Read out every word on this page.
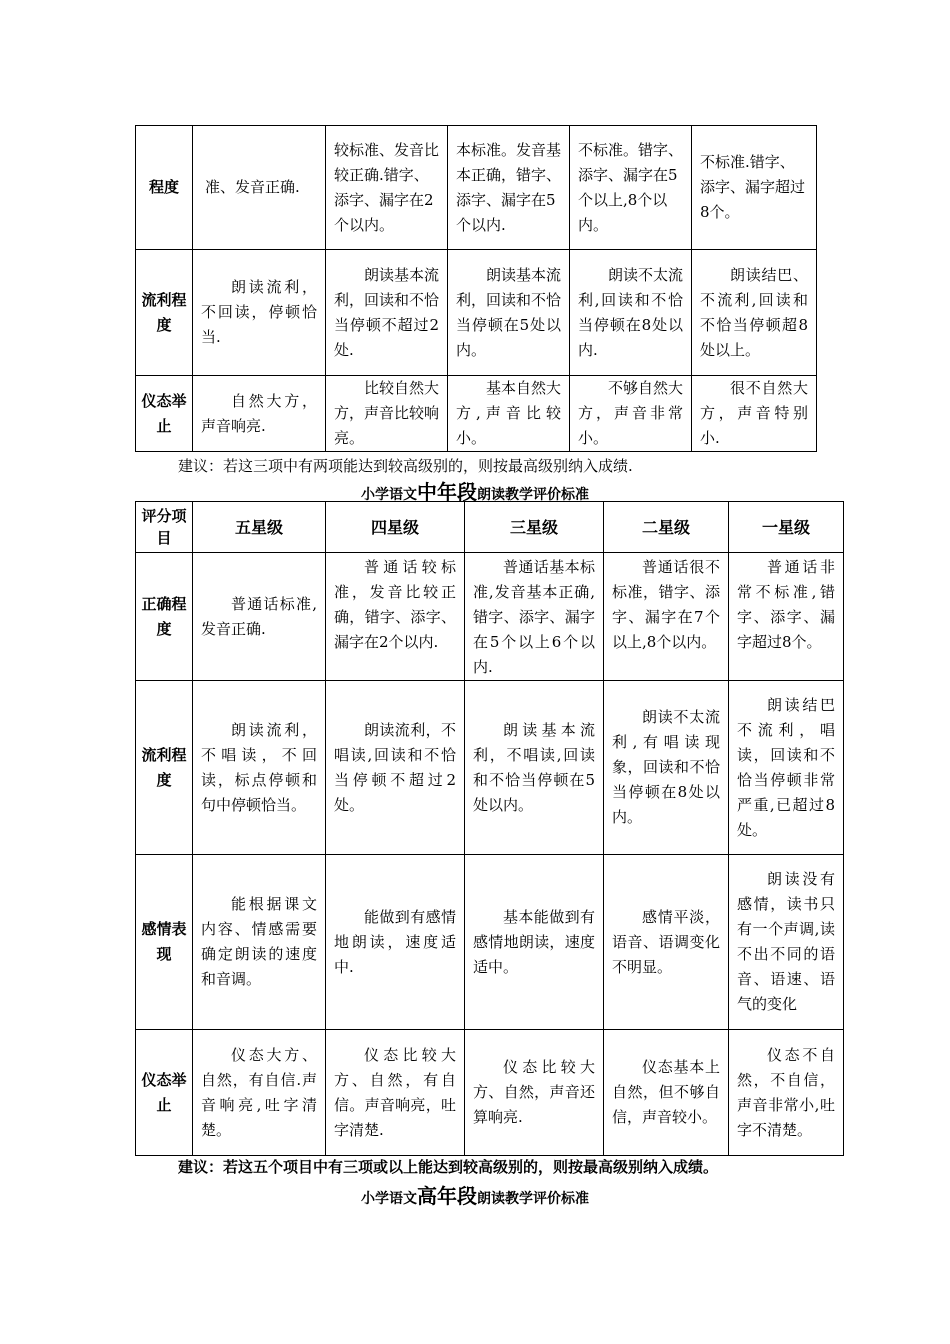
程度	准、发音正确.	较标准、发音比较正确.错字、添字、漏字在2个以内。	本标准。发音基本正确，错字、添字、漏字在5个以内.	不标准。错字、添字、漏字在5个以上,8个以内。	不标准.错字、添字、漏字超过8个。
流利程度	朗读流利，不回读，停顿恰当.	朗读基本流利，回读和不恰当停顿不超过2处.	朗读基本流利，回读和不恰当停顿在5处以内。	朗读不太流利,回读和不恰当停顿在8处以内.	朗读结巴、不流利,回读和不恰当停顿超8处以上。
仪态举止	自然大方，声音响亮.	比较自然大方，声音比较响亮。	基本自然大方,声音比较小。	不够自然大方，声音非常小。	很不自然大方，声音特别小.
建议：若这三项中有两项能达到较高级别的，则按最高级别纳入成绩.
小学语文中年段朗读教学评价标准
评分项目	五星级	四星级	三星级	二星级	一星级
正确程度	普通话标准,发音正确.	普通话较标准，发音比较正确，错字、添字、漏字在2个以内.	普通话基本标准,发音基本正确,错字、添字、漏字在5个以上6个以内.	普通话很不标准，错字、添字、漏字在7个以上,8个以内。	普通话非常不标准,错字、添字、漏字超过8个。
流利程度	朗读流利，不唱读，不回读，标点停顿和句中停顿恰当。	朗读流利，不唱读,回读和不恰当停顿不超过2处。	朗读基本流利，不唱读,回读和不恰当停顿在5处以内。	朗读不太流利,有唱读现象，回读和不恰当停顿在8处以内。	朗读结巴不流利，唱读，回读和不恰当停顿非常严重,已超过8处。
感情表现	能根据课文内容、情感需要确定朗读的速度和音调。	能做到有感情地朗读，速度适中.	基本能做到有感情地朗读，速度适中。	感情平淡，语音、语调变化不明显。	朗读没有感情，读书只有一个声调,读不出不同的语音、语速、语气的变化
仪态举止	仪态大方、自然，有自信.声音响亮,吐字清楚。	仪态比较大方、自然，有自信。声音响亮，吐字清楚.	仪态比较大方、自然，声音还算响亮.	仪态基本上自然，但不够自信，声音较小。	仪态不自然，不自信，声音非常小,吐字不清楚。
建议：若这五个项目中有三项或以上能达到较高级别的，则按最高级别纳入成绩。
小学语文高年段朗读教学评价标准
